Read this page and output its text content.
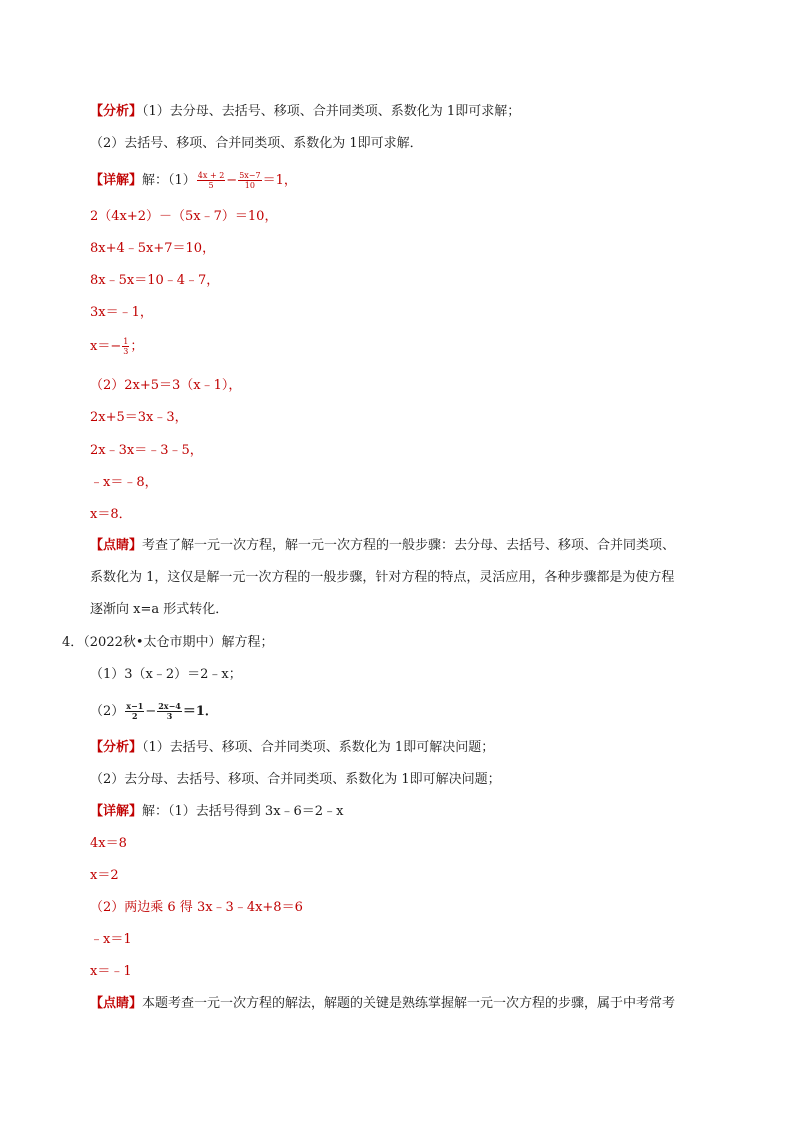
【分析】（1）去分母、去括号、移项、合并同类项、系数化为 1即可求解；
（2）去括号、移项、合并同类项、系数化为 1即可求解．
【详解】解：$(1) \frac{4x + 2}{5} - \frac{5x-7}{10} =1$，
2（4x+2）－（5x﹣7）＝10，
8x+4﹣5x+7＝10，
8x﹣5x＝10﹣4﹣7，
3x＝﹣1，
$x=- \frac{1}{3}$ ；
（2）2x+5＝3（x﹣1），
2x+5＝3x﹣3，
2x﹣3x＝﹣3﹣5，
﹣x＝﹣8，
x＝8．
【点睛】考查了解一元一次方程，解一元一次方程的一般步骤：去分母、去括号、移项、合并同类项、
系数化为 1，这仅是解一元一次方程的一般步骤，针对方程的特点，灵活应用，各种步骤都是为使方程
逐渐向 x=a 形式转化．
4．（2022秋•太仓市期中）解方程；
（1）3（x﹣2）＝2﹣x；
$(2) \frac{x-1}{2} - \frac{2x-4}{3} =1$．
【分析】（1）去括号、移项、合并同类项、系数化为 1即可解决问题；
（2）去分母、去括号、移项、合并同类项、系数化为 1即可解决问题；
【详解】解：（1）去括号得到 3x﹣6＝2﹣x
4x＝8
x＝2
（2）两边乘 6 得 3x﹣3﹣4x+8＝6
﹣x＝1
x＝﹣1
【点睛】本题考查一元一次方程的解法，解题的关键是熟练掌握解一元一次方程的步骤，属于中考常考
